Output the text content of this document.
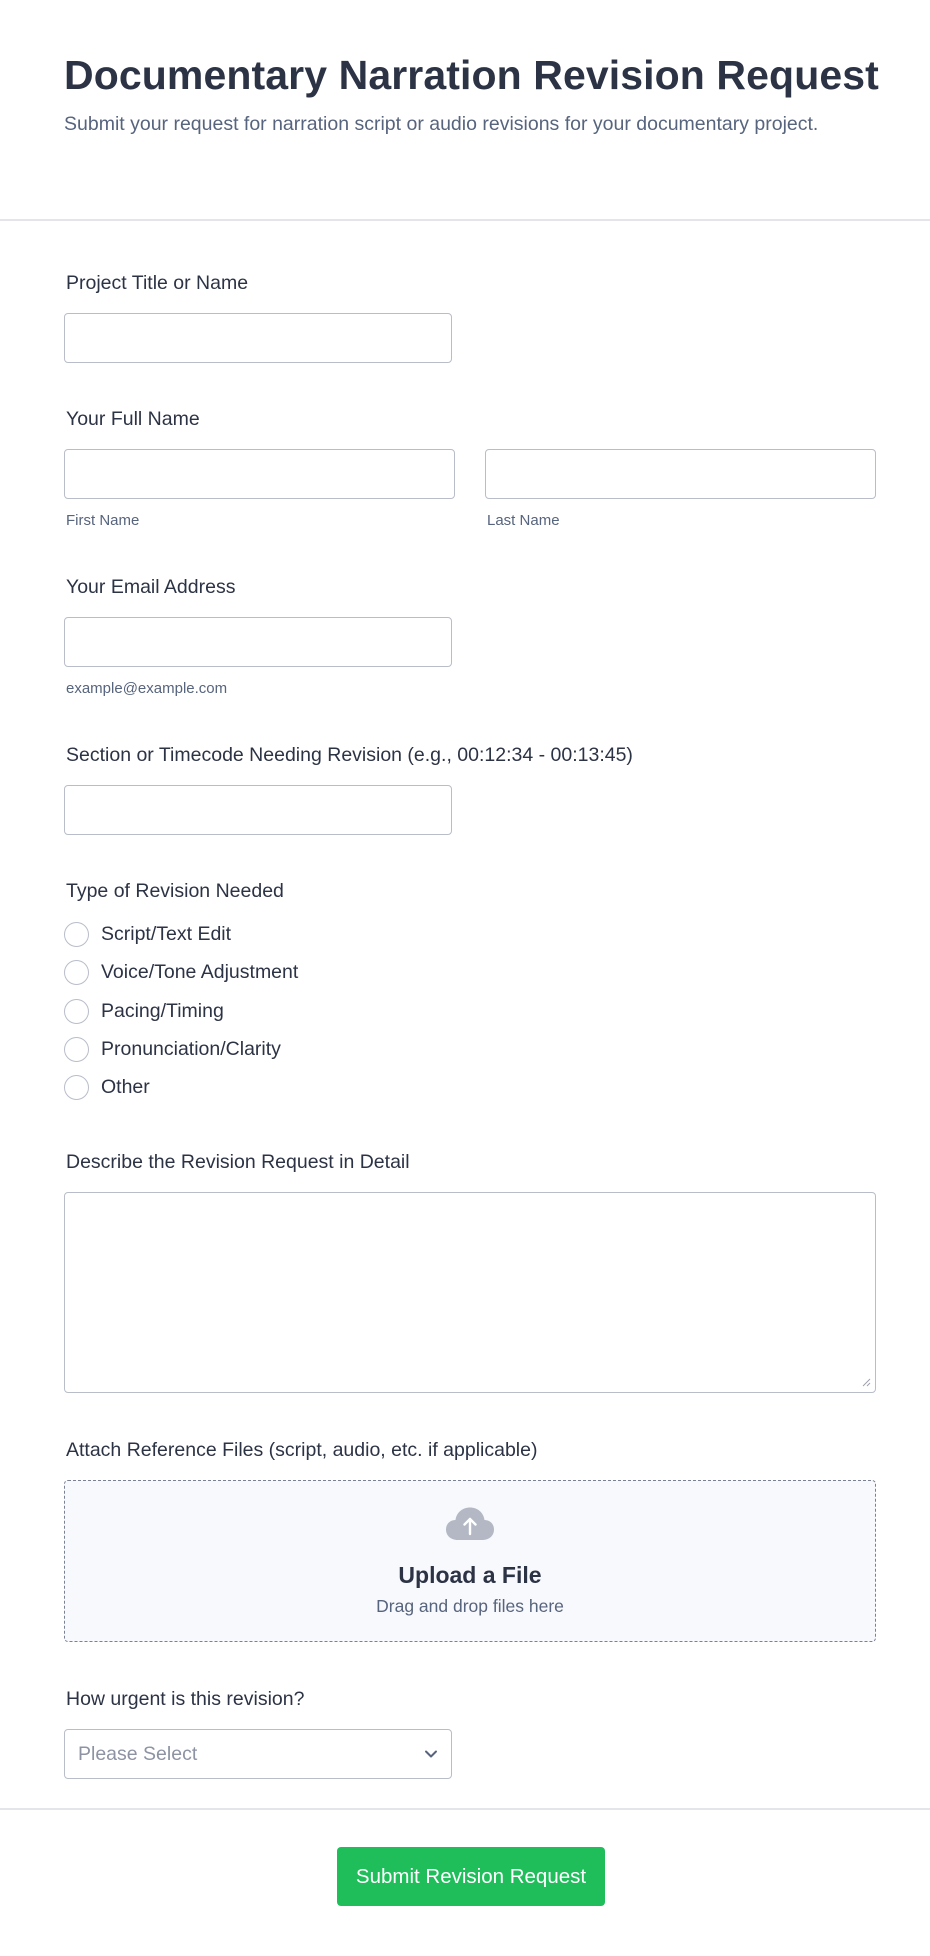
Documentary Narration Revision Request

Submit your request for narration script or audio revisions for your documentary project.

Project Title or Name
Your Full Name
First Name	Last Name
Your Email Address
example@example.com
Section or Timecode Needing Revision (e.g., 00:12:34 - 00:13:45)
Type of Revision Needed
Script/Text Edit
Voice/Tone Adjustment
Pacing/Timing
Pronunciation/Clarity
Other
Describe the Revision Request in Detail
Attach Reference Files (script, audio, etc. if applicable)
Upload a File
Drag and drop files here
How urgent is this revision?
Please Select
Submit Revision Request
